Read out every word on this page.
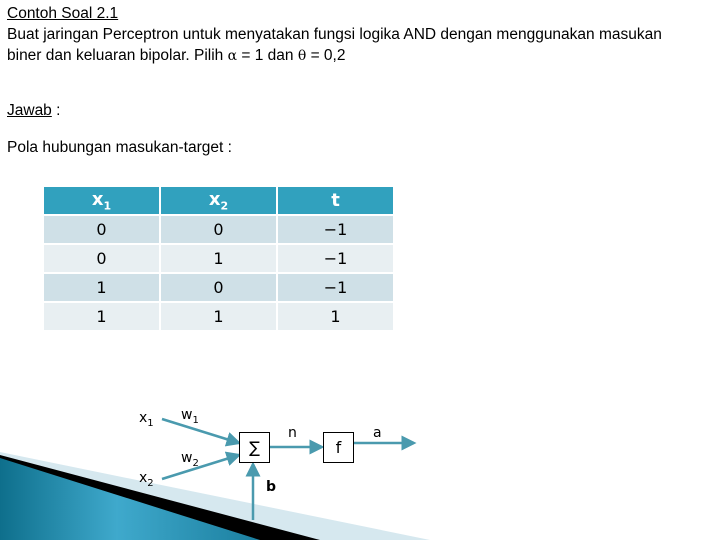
Contoh Soal 2.1
Buat jaringan Perceptron untuk menyatakan fungsi logika AND dengan menggunakan masukan
biner dan keluaran bipolar. Pilih α = 1 dan θ = 0,2
Jawab :
Pola hubungan masukan-target :
$x_1$	$x_2$	t
0	0	−1
0	1	−1
1	0	−1
1	1	1
$x_1$
$x_2$
$w_1$
$w_2$
∑
n
f
a
b
